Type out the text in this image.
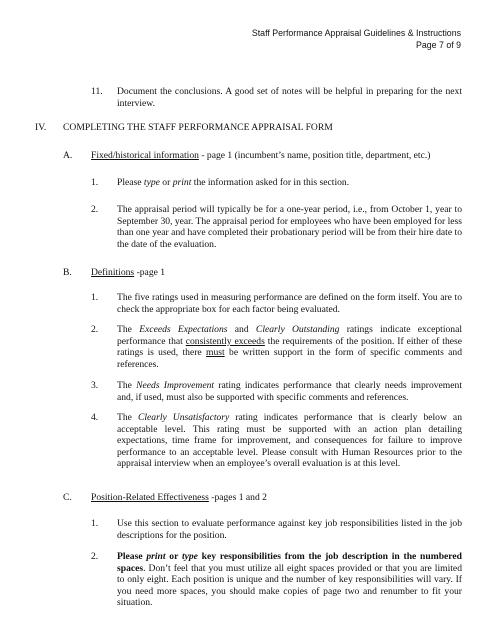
Staff Performance Appraisal Guidelines & Instructions
Page 7 of 9
11. Document the conclusions. A good set of notes will be helpful in preparing for the next interview.
IV. COMPLETING THE STAFF PERFORMANCE APPRAISAL FORM
A. Fixed/historical information - page 1 (incumbent’s name, position title, department, etc.)
1. Please type or print the information asked for in this section.
2. The appraisal period will typically be for a one-year period, i.e., from October 1, year to September 30, year. The appraisal period for employees who have been employed for less than one year and have completed their probationary period will be from their hire date to the date of the evaluation.
B. Definitions -page 1
1. The five ratings used in measuring performance are defined on the form itself. You are to check the appropriate box for each factor being evaluated.
2. The Exceeds Expectations and Clearly Outstanding ratings indicate exceptional performance that consistently exceeds the requirements of the position. If either of these ratings is used, there must be written support in the form of specific comments and references.
3. The Needs Improvement rating indicates performance that clearly needs improvement and, if used, must also be supported with specific comments and references.
4. The Clearly Unsatisfactory rating indicates performance that is clearly below an acceptable level. This rating must be supported with an action plan detailing expectations, time frame for improvement, and consequences for failure to improve performance to an acceptable level. Please consult with Human Resources prior to the appraisal interview when an employee’s overall evaluation is at this level.
C. Position-Related Effectiveness -pages 1 and 2
1. Use this section to evaluate performance against key job responsibilities listed in the job descriptions for the position.
2. Please print or type key responsibilities from the job description in the numbered spaces. Don’t feel that you must utilize all eight spaces provided or that you are limited to only eight. Each position is unique and the number of key responsibilities will vary. If you need more spaces, you should make copies of page two and renumber to fit your situation.
